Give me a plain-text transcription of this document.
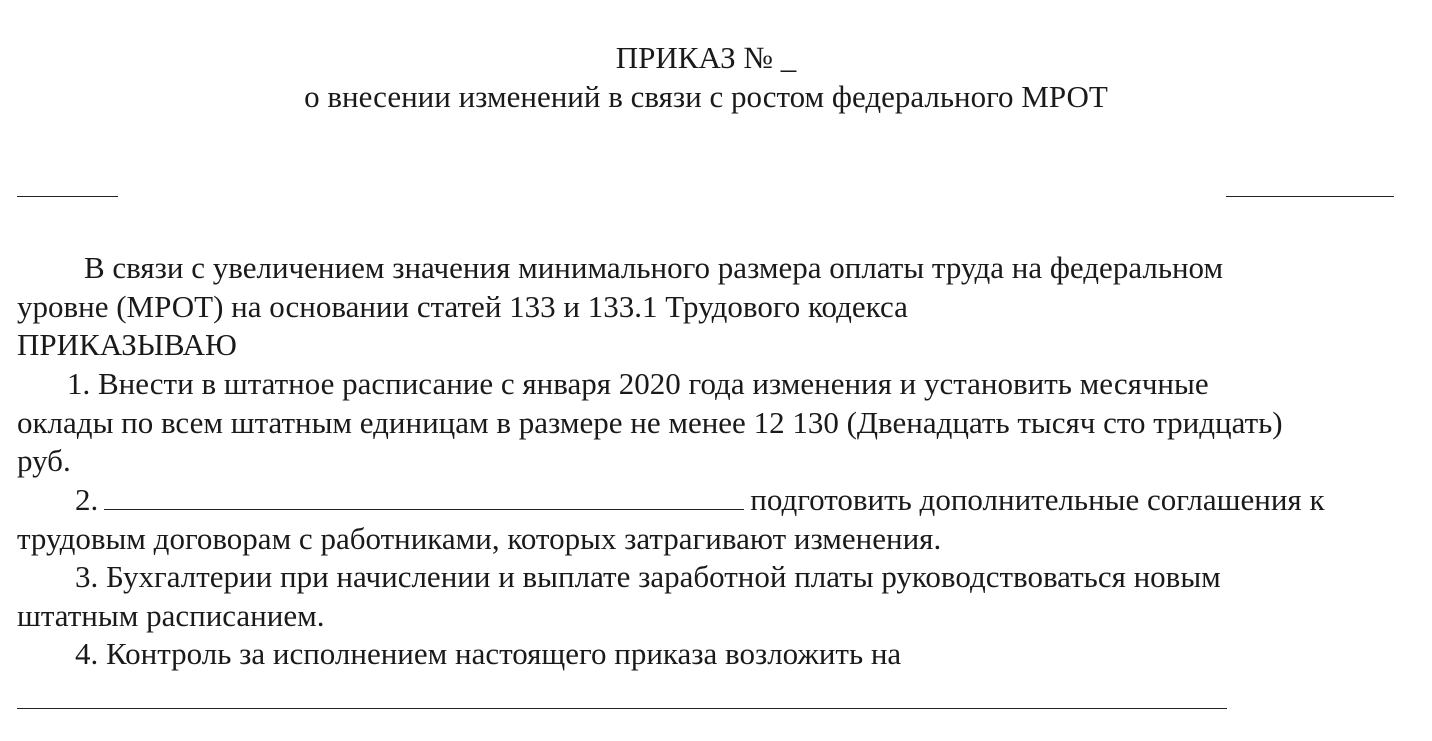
ПРИКАЗ № _
о внесении изменений в связи с ростом федерального МРОТ
В связи с увеличением значения минимального размера оплаты труда на федеральном
уровне (МРОТ) на основании статей 133 и 133.1 Трудового кодекса
ПРИКАЗЫВАЮ
1. Внести в штатное расписание с января 2020 года изменения и установить месячные
оклады по всем штатным единицам в размере не менее 12 130 (Двенадцать тысяч сто тридцать)
руб.
2.	подготовить дополнительные соглашения к
трудовым договорам с работниками, которых затрагивают изменения.
3. Бухгалтерии при начислении и выплате заработной платы руководствоваться новым
штатным расписанием.
4. Контроль за исполнением настоящего приказа возложить на
